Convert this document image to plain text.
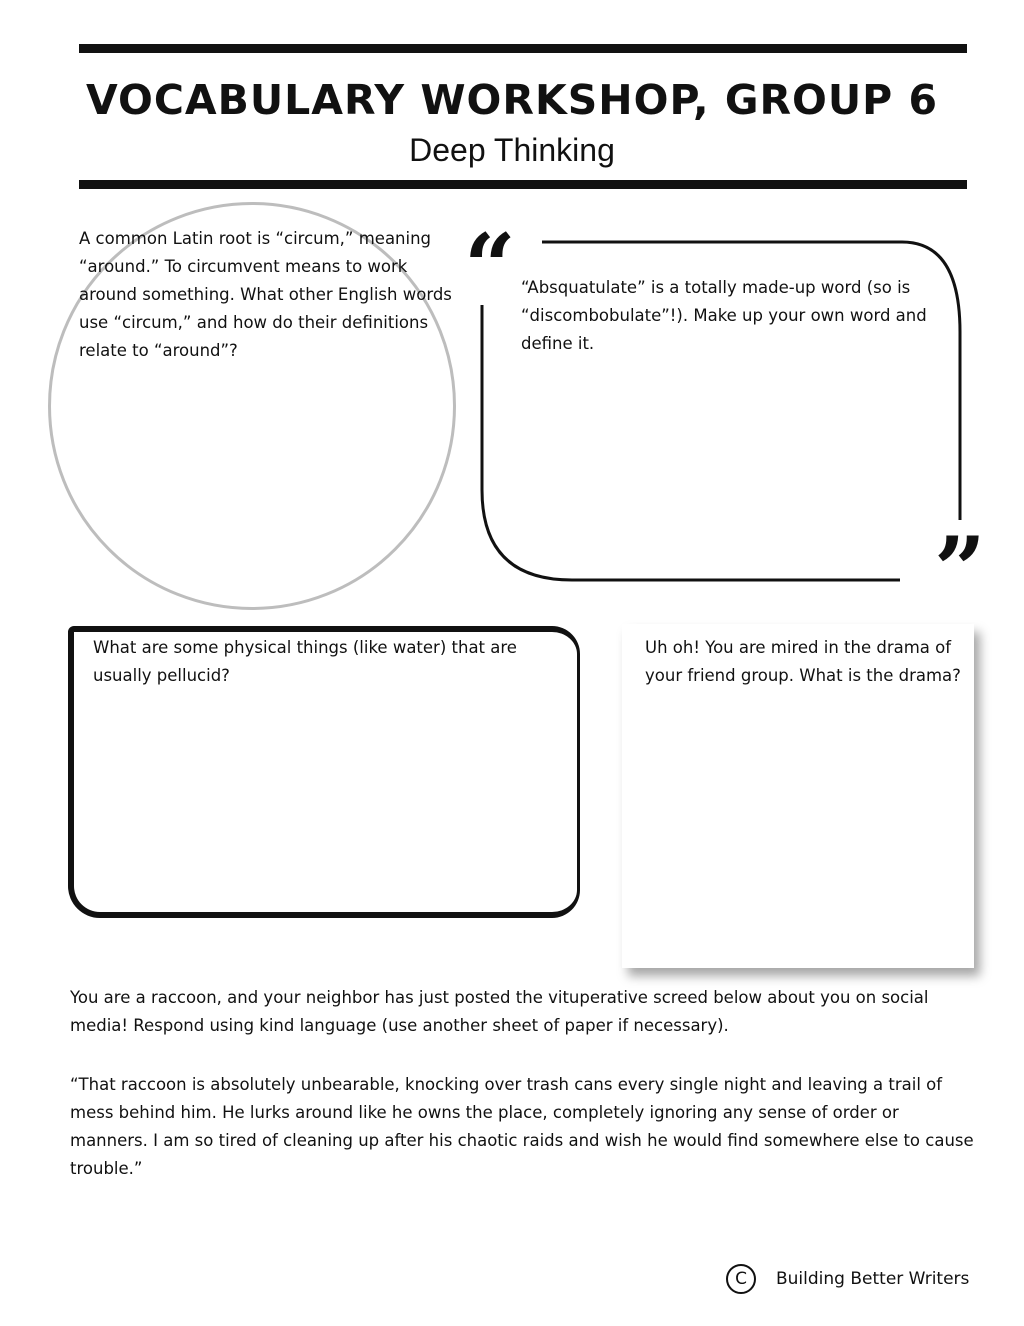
VOCABULARY WORKSHOP, GROUP 6
Deep Thinking
A common Latin root is “circum,” meaning “around.” To circumvent means to work around something. What other English words use “circum,” and how do their definitions relate to “around”?
“
”
“Absquatulate” is a totally made-up word (so is “discombobulate”!). Make up your own word and define it.
What are some physical things (like water) that are usually pellucid?
Uh oh! You are mired in the drama of your friend group. What is the drama?
You are a raccoon, and your neighbor has just posted the vituperative screed below about you on social media! Respond using kind language (use another sheet of paper if necessary).
“That raccoon is absolutely unbearable, knocking over trash cans every single night and leaving a trail of mess behind him. He lurks around like he owns the place, completely ignoring any sense of order or manners. I am so tired of cleaning up after his chaotic raids and wish he would find somewhere else to cause trouble.”
C	Building Better Writers
